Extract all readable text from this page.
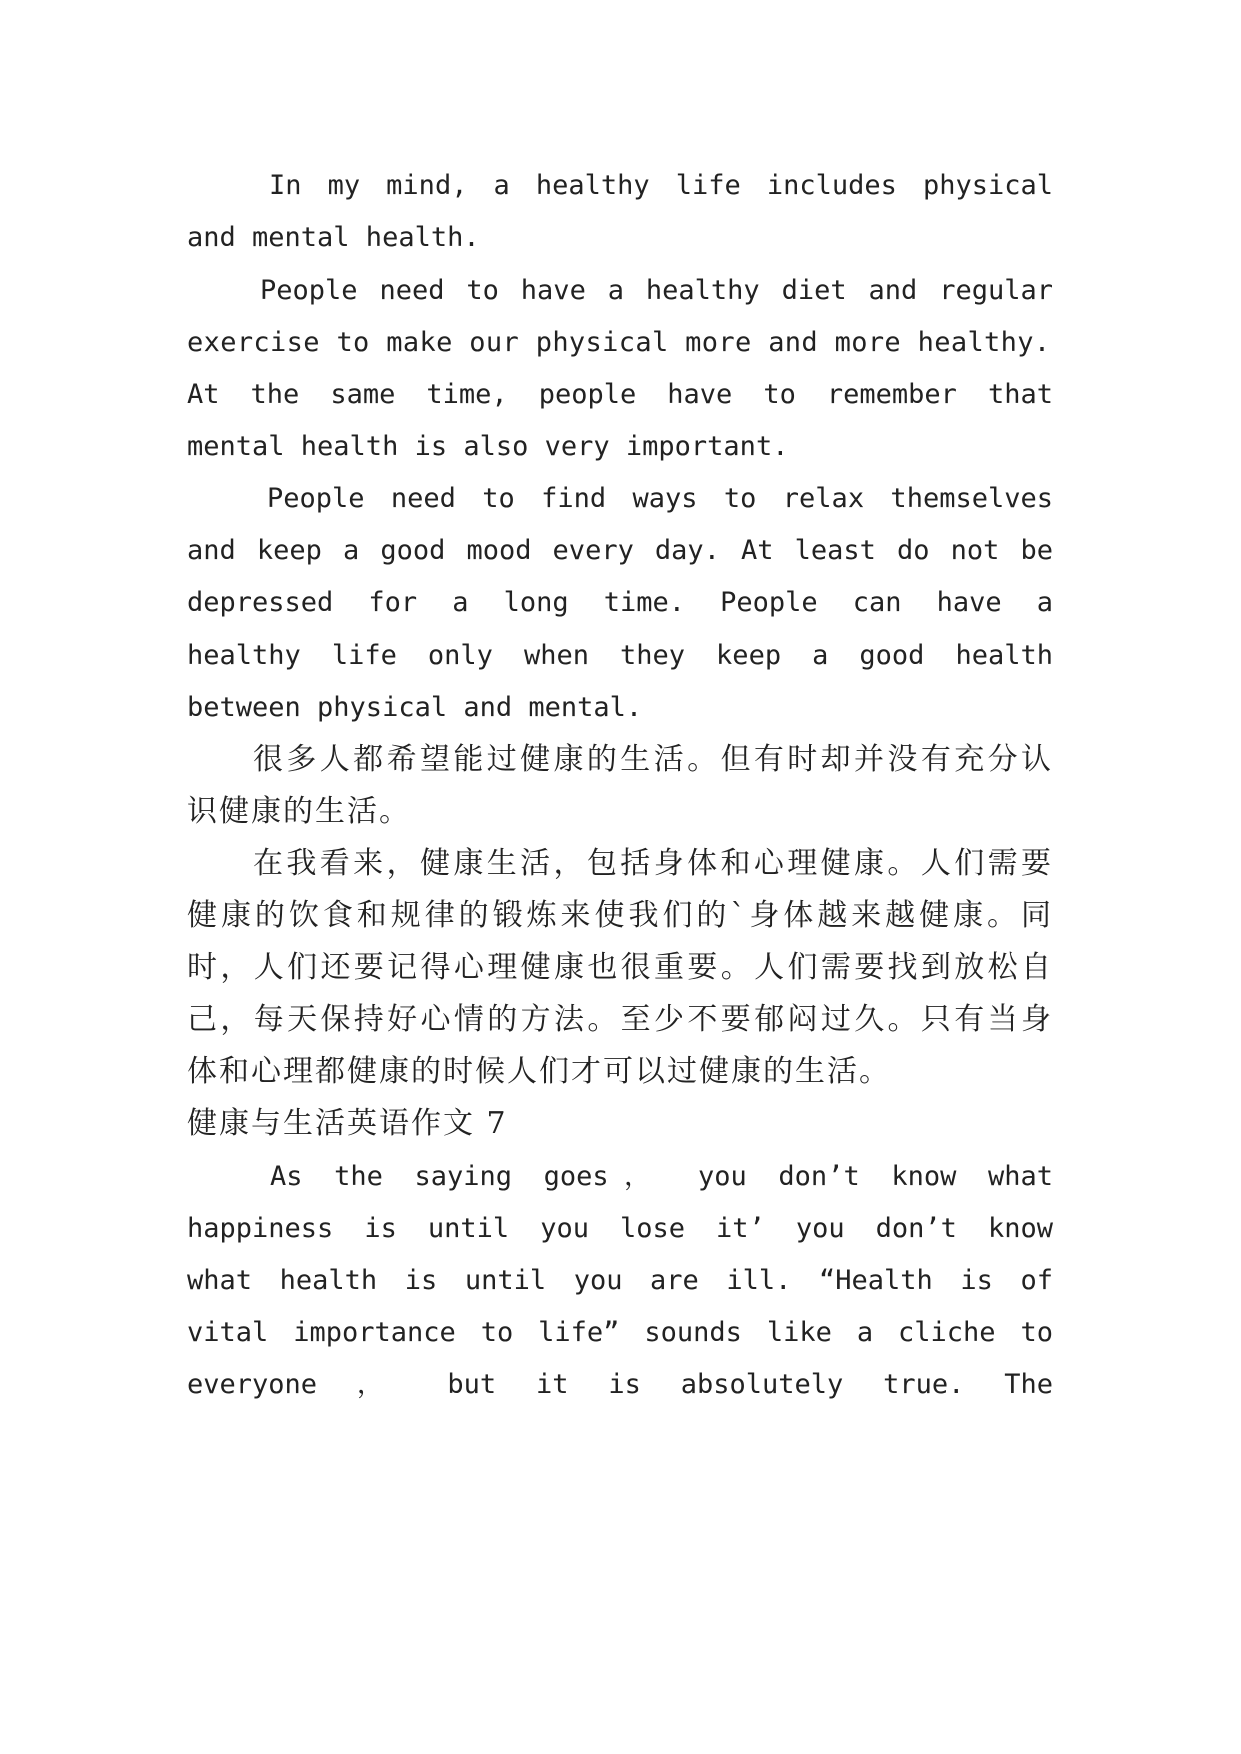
In my mind, a healthy life includes physical
and mental health.
People need to have a healthy diet and regular
exercise to make our physical more and more healthy.
At the same time, people have to remember that
mental health is also very important.
People need to find ways to relax themselves
and keep a good mood every day. At least do not be
depressed for a long time. People can have a
healthy life only when they keep a good health
between physical and mental.
很多人都希望能过健康的生活。但有时却并没有充分认
识健康的生活。
在我看来，健康生活，包括身体和心理健康。人们需要
健康的饮食和规律的锻炼来使我们的`身体越来越健康。同
时，人们还要记得心理健康也很重要。人们需要找到放松自
己，每天保持好心情的方法。至少不要郁闷过久。只有当身
体和心理都健康的时候人们才可以过健康的生活。
健康与生活英语作文 7
As the saying goes， you don’t know what
happiness is until you lose it’ you don’t know
what health is until you are ill. “Health is of
vital importance to life” sounds like a cliche to
everyone ， but it is absolutely true. The
